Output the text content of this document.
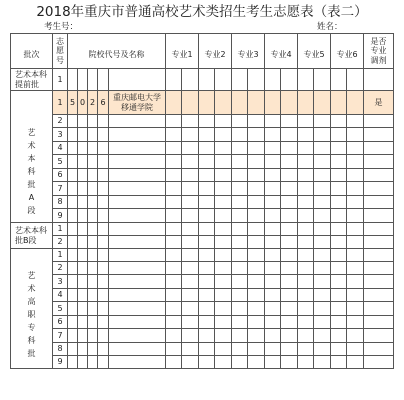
2018年重庆市普通高校艺术类招生考生志愿表（表二）
考生号：	姓名：
批次	志愿号	院校代号及名称					专业1		专业2		专业3		专业4		专业5		专业6		是否专业调剂
艺术本科提前批	1																		
艺术本科批A段	1	5	0	2	6	重庆邮电大学移通学院													是
	2																		
	3																		
	4																		
	5																		
	6																		
	7																		
	8																		
	9																		
艺术本科批B段	1																		
	2																		
艺术高职专科批	1																		
	2																		
	3																		
	4																		
	5																		
	6																		
	7																		
	8																		
	9																		
